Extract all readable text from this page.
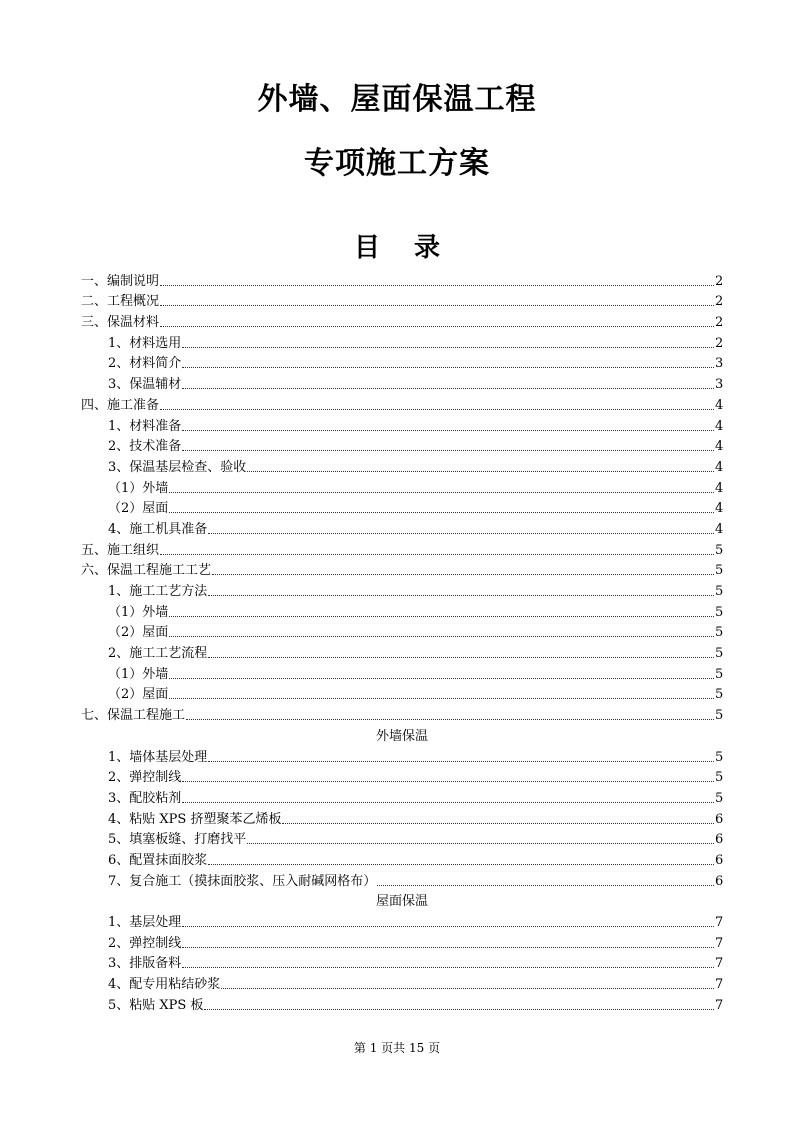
外墙、屋面保温工程
专项施工方案
目 录
一、编制说明	2
二、工程概况	2
三、保温材料	2
1、材料选用	2
2、材料简介	3
3、保温辅材	3
四、施工准备	4
1、材料准备	4
2、技术准备	4
3、保温基层检查、验收	4
（1）外墙	4
（2）屋面	4
4、施工机具准备	4
五、施工组织	5
六、保温工程施工工艺	5
1、施工工艺方法	5
（1）外墙	5
（2）屋面	5
2、施工工艺流程	5
（1）外墙	5
（2）屋面	5
七、保温工程施工	5
外墙保温
1、墙体基层处理	5
2、弹控制线	5
3、配胶粘剂	5
4、粘贴 XPS 挤塑聚苯乙烯板	6
5、填塞板缝、打磨找平	6
6、配置抹面胶浆	6
7、复合施工（摸抹面胶浆、压入耐碱网格布）	6
屋面保温
1、基层处理	7
2、弹控制线	7
3、排版备料	7
4、配专用粘结砂浆	7
5、粘贴 XPS 板	7
第 1 页共 15 页
